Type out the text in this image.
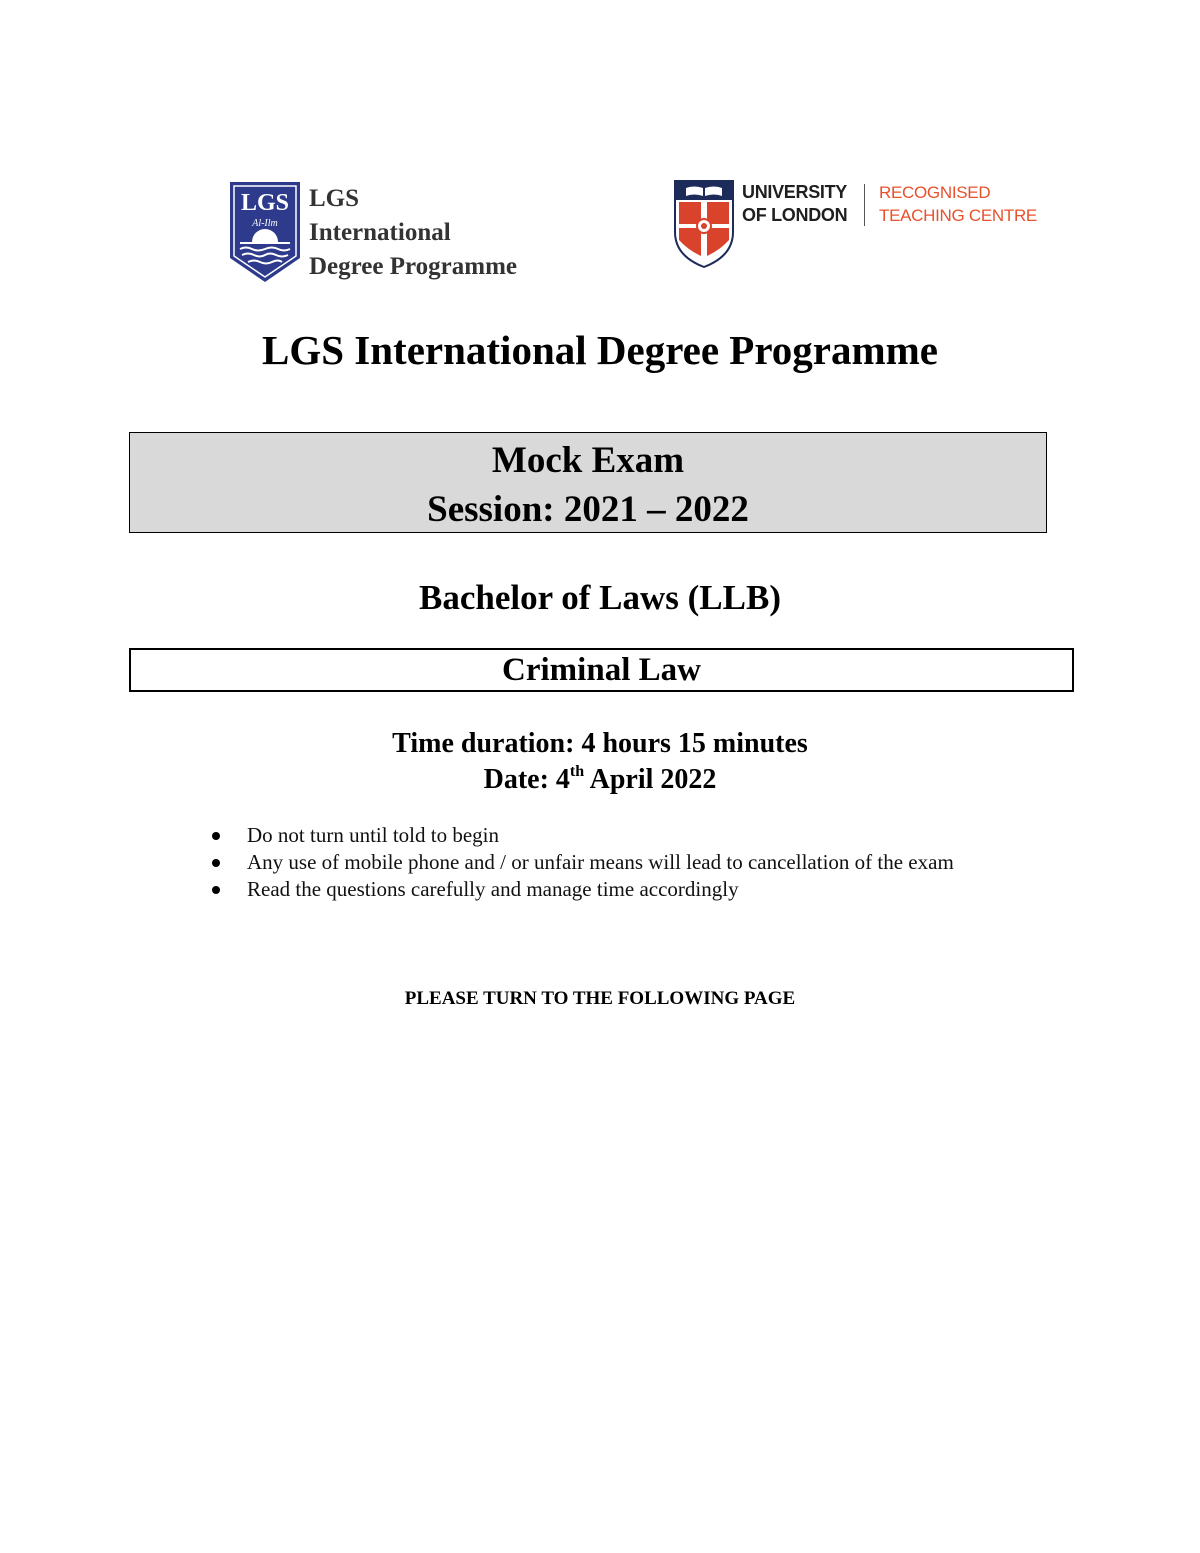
LGS
Al-Ilm
LGS
International
Degree Programme
UNIVERSITY
OF LONDON
RECOGNISED
TEACHING CENTRE
LGS International Degree Programme
Mock Exam
Session: 2021 – 2022
Bachelor of Laws (LLB)
Criminal Law
Time duration: 4 hours 15 minutes
Date: 4th April 2022
Do not turn until told to begin
Any use of mobile phone and / or unfair means will lead to cancellation of the exam
Read the questions carefully and manage time accordingly
PLEASE TURN TO THE FOLLOWING PAGE
